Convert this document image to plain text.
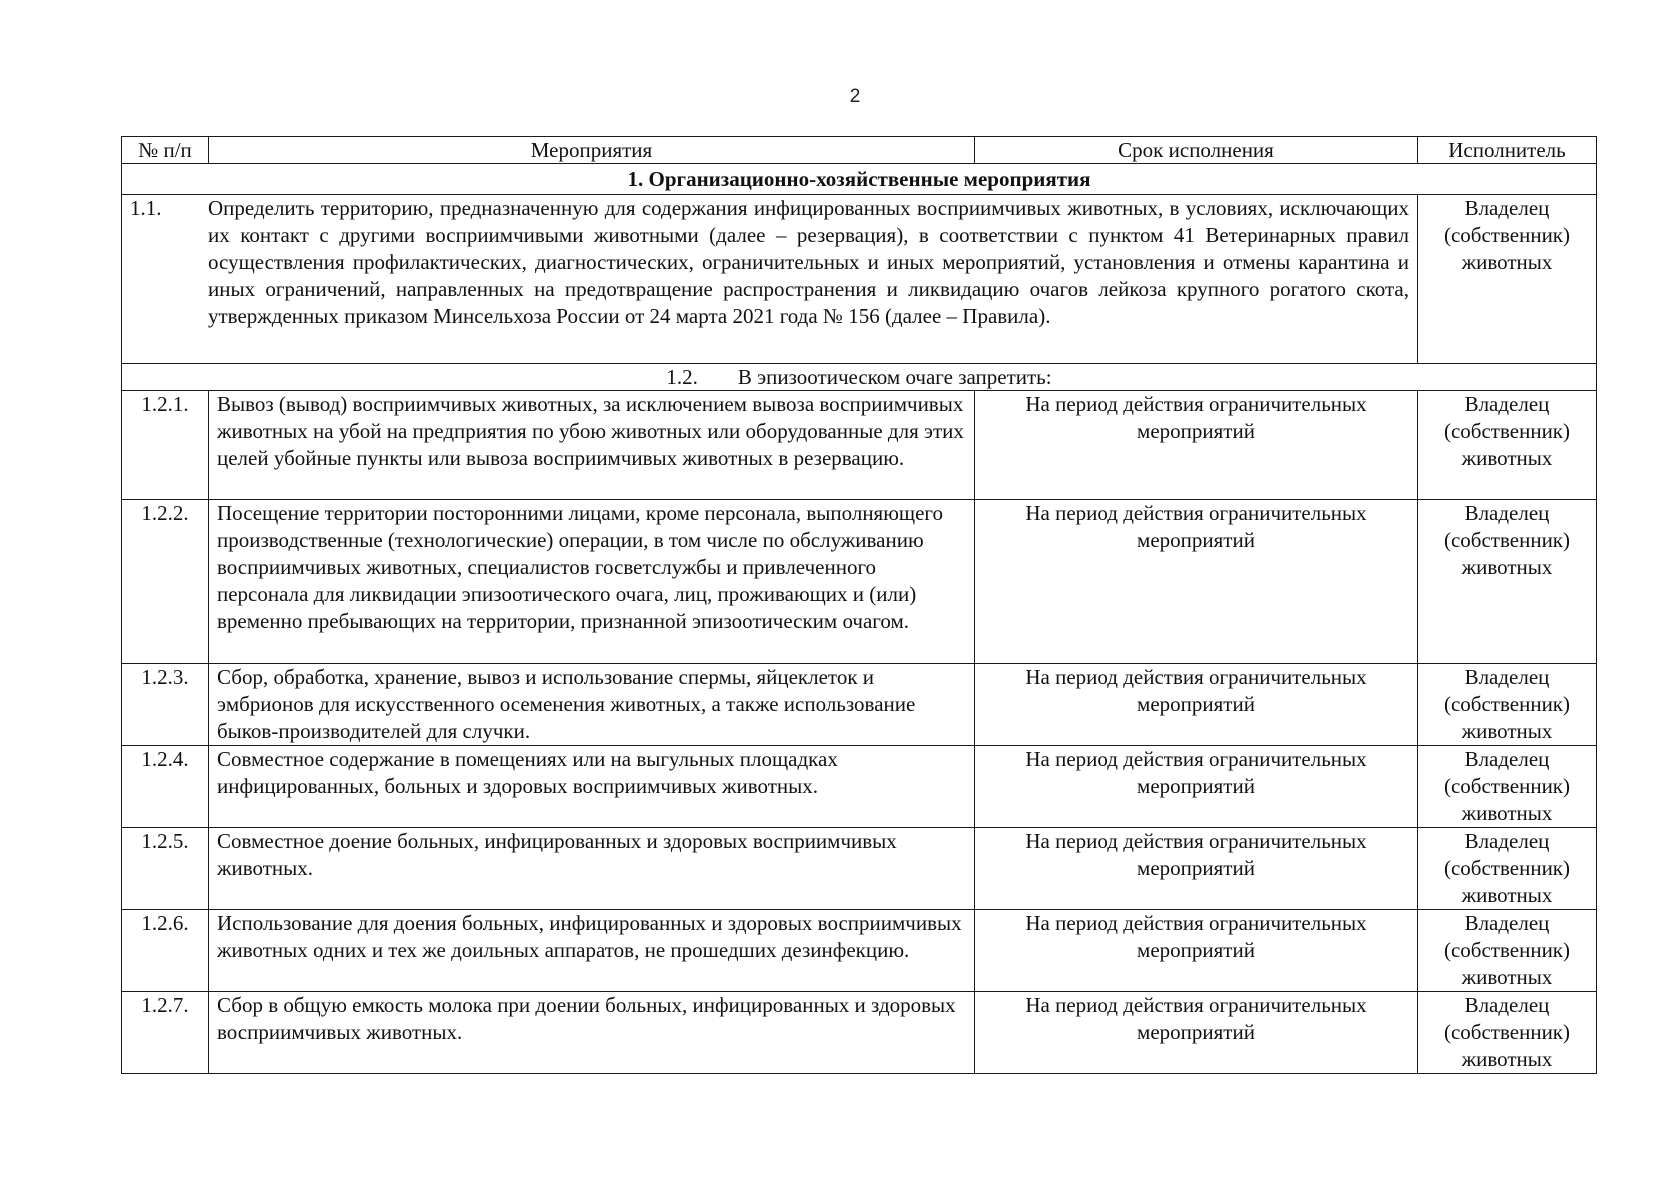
2
№ п/п	Мероприятия	Срок исполнения	Исполнитель
1. Организационно-хозяйственные мероприятия			

1.1. Определить территорию, предназначенную для содержания инфицированных восприимчивых животных, в условиях, исключающих их контакт с другими восприимчивыми животными (далее – резервация), в соответствии с пунктом 41 Ветеринарных правил осуществления профилактических, диагностических, ограничительных и иных мероприятий, установления и отмены карантина и иных ограничений, направленных на предотвращение распространения и ликвидацию очагов лейкоза крупного рогатого скота, утвержденных приказом Минсельхоза России от 24 марта 2021 года № 156 (далее – Правила).			Владелец (собственник) животных
1.2. В эпизоотическом очаге запретить:			
1.2.1.	Вывоз (вывод) восприимчивых животных, за исключением вывоза восприимчивых животных на убой на предприятия по убою животных или оборудованные для этих целей убойные пункты или вывоза восприимчивых животных в резервацию.	На период действия ограничительных мероприятий	Владелец (собственник) животных
1.2.2.	Посещение территории посторонними лицами, кроме персонала, выполняющего производственные (технологические) операции, в том числе по обслуживанию восприимчивых животных, специалистов госветслужбы и привлеченного персонала для ликвидации эпизоотического очага, лиц, проживающих и (или) временно пребывающих на территории, признанной эпизоотическим очагом.	На период действия ограничительных мероприятий	Владелец (собственник) животных
1.2.3.	Сбор, обработка, хранение, вывоз и использование спермы, яйцеклеток и эмбрионов для искусственного осеменения животных, а также использование быков-производителей для случки.	На период действия ограничительных мероприятий	Владелец (собственник) животных
1.2.4.	Совместное содержание в помещениях или на выгульных площадках инфицированных, больных и здоровых восприимчивых животных.	На период действия ограничительных мероприятий	Владелец (собственник) животных
1.2.5.	Совместное доение больных, инфицированных и здоровых восприимчивых животных.	На период действия ограничительных мероприятий	Владелец (собственник) животных
1.2.6.	Использование для доения больных, инфицированных и здоровых восприимчивых животных одних и тех же доильных аппаратов, не прошедших дезинфекцию.	На период действия ограничительных мероприятий	Владелец (собственник) животных
1.2.7.	Сбор в общую емкость молока при доении больных, инфицированных и здоровых восприимчивых животных.	На период действия ограничительных мероприятий	Владелец (собственник) животных
